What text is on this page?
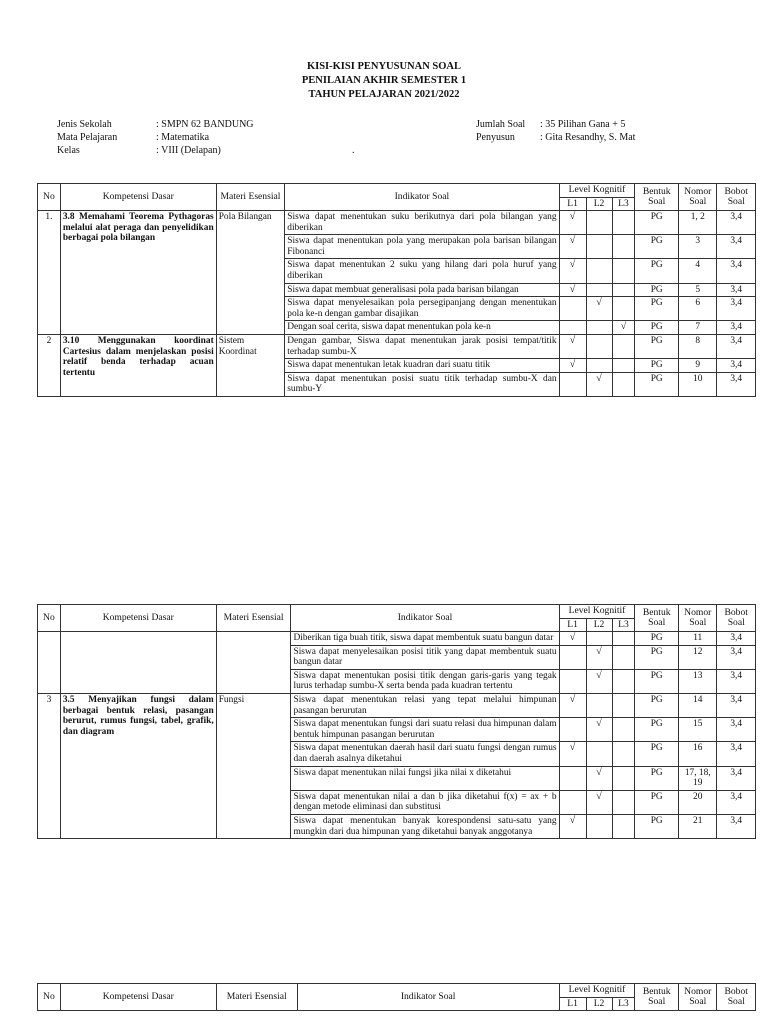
KISI-KISI PENYUSUNAN SOAL
PENILAIAN AKHIR SEMESTER 1
TAHUN PELAJARAN 2021/2022
Jenis Sekolah	: SMPN 62 BANDUNG
Mata Pelajaran	: Matematika
Kelas	: VIII (Delapan)	.
Jumlah Soal : 35 Pilihan Gana + 5
Penyusun	: Gita Resandhy, S. Mat
No	Kompetensi Dasar	Materi Esensial	Indikator Soal	Level Kognitif			Bentuk Soal	Nomor Soal	Bobot Soal
				L1	L2	L3			
1.	3.8 Memahami Teorema Pythagoras melalui alat peraga dan penyelidikan berbagai pola bilangan	Pola Bilangan	Siswa dapat menentukan suku berikutnya dari pola bilangan yang diberikan	√			PG	1, 2	3,4
			Siswa dapat menentukan pola yang merupakan pola barisan bilangan Fibonanci	√			PG	3	3,4
			Siswa dapat menentukan 2 suku yang hilang dari pola huruf yang diberikan	√			PG	4	3,4
			Siswa dapat membuat generalisasi pola pada barisan bilangan	√			PG	5	3,4
			Siswa dapat menyelesaikan pola persegipanjang dengan menentukan pola ke-n dengan gambar disajikan		√		PG	6	3,4
			Dengan soal cerita, siswa dapat menentukan pola ke-n			√	PG	7	3,4
2	3.10 Menggunakan koordinat Cartesius dalam menjelaskan posisi relatif benda terhadap acuan tertentu	Sistem Koordinat	Dengan gambar, Siswa dapat menentukan jarak posisi tempat/titik terhadap sumbu-X	√			PG	8	3,4
			Siswa dapat menentukan letak kuadran dari suatu titik	√			PG	9	3,4
			Siswa dapat menentukan posisi suatu titik terhadap sumbu-X dan sumbu-Y		√		PG	10	3,4
No	Kompetensi Dasar	Materi Esensial	Indikator Soal	Level Kognitif			Bentuk Soal	Nomor Soal	Bobot Soal
				L1	L2	L3			
			Diberikan tiga buah titik, siswa dapat membentuk suatu bangun datar	√			PG	11	3,4
			Siswa dapat menyelesaikan posisi titik yang dapat membentuk suatu bangun datar		√		PG	12	3,4
			Siswa dapat menentukan posisi titik dengan garis-garis yang tegak lurus terhadap sumbu-X serta benda pada kuadran tertentu		√		PG	13	3,4
3	3.5 Menyajikan fungsi dalam berbagai bentuk relasi, pasangan berurut, rumus fungsi, tabel, grafik, dan diagram	Fungsi	Siswa dapat menentukan relasi yang tepat melalui himpunan pasangan berurutan	√			PG	14	3,4
			Siswa dapat menentukan fungsi dari suatu relasi dua himpunan dalam bentuk himpunan pasangan berurutan		√		PG	15	3,4
			Siswa dapat menentukan daerah hasil dari suatu fungsi dengan rumus dan daerah asalnya diketahui	√			PG	16	3,4
			Siswa dapat menentukan nilai fungsi jika nilai x diketahui		√		PG	17, 18, 19	3,4
			Siswa dapat menentukan nilai a dan b jika diketahui f(x) = ax + b dengan metode eliminasi dan substitusi		√		PG	20	3,4
			Siswa dapat menentukan banyak korespondensi satu-satu yang mungkin dari dua himpunan yang diketahui banyak anggotanya	√			PG	21	3,4
No	Kompetensi Dasar	Materi Esensial	Indikator Soal	Level Kognitif			Bentuk Soal	Nomor Soal	Bobot Soal
				L1	L2	L3			
